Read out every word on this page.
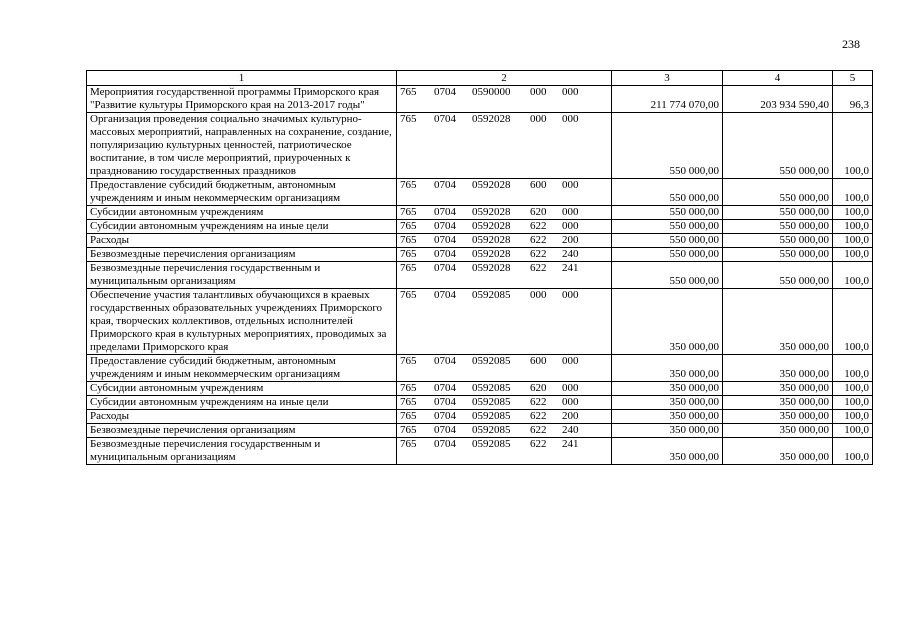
238
1	2	3	4	5
Мероприятия государственной программы Приморского края "Развитие культуры Приморского края на 2013-2017 годы"	765 0704 0590000 000 000	211 774 070,00	203 934 590,40	96,3
Организация проведения социально значимых культурно-массовых мероприятий, направленных на сохранение, создание, популяризацию культурных ценностей, патриотическое воспитание, в том числе мероприятий, приуроченных к празднованию государственных праздников	765 0704 0592028 000 000	550 000,00	550 000,00	100,0
Предоставление субсидий бюджетным, автономным учреждениям и иным некоммерческим организациям	765 0704 0592028 600 000	550 000,00	550 000,00	100,0
Субсидии автономным учреждениям	765 0704 0592028 620 000	550 000,00	550 000,00	100,0
Субсидии автономным учреждениям на иные цели	765 0704 0592028 622 000	550 000,00	550 000,00	100,0
Расходы	765 0704 0592028 622 200	550 000,00	550 000,00	100,0
Безвозмездные перечисления организациям	765 0704 0592028 622 240	550 000,00	550 000,00	100,0
Безвозмездные перечисления государственным и муниципальным организациям	765 0704 0592028 622 241	550 000,00	550 000,00	100,0
Обеспечение участия талантливых обучающихся в краевых государственных образовательных учреждениях Приморского края, творческих коллективов, отдельных исполнителей Приморского края в культурных мероприятиях, проводимых за пределами Приморского края	765 0704 0592085 000 000	350 000,00	350 000,00	100,0
Предоставление субсидий бюджетным, автономным учреждениям и иным некоммерческим организациям	765 0704 0592085 600 000	350 000,00	350 000,00	100,0
Субсидии автономным учреждениям	765 0704 0592085 620 000	350 000,00	350 000,00	100,0
Субсидии автономным учреждениям на иные цели	765 0704 0592085 622 000	350 000,00	350 000,00	100,0
Расходы	765 0704 0592085 622 200	350 000,00	350 000,00	100,0
Безвозмездные перечисления организациям	765 0704 0592085 622 240	350 000,00	350 000,00	100,0
Безвозмездные перечисления государственным и муниципальным организациям	765 0704 0592085 622 241	350 000,00	350 000,00	100,0
